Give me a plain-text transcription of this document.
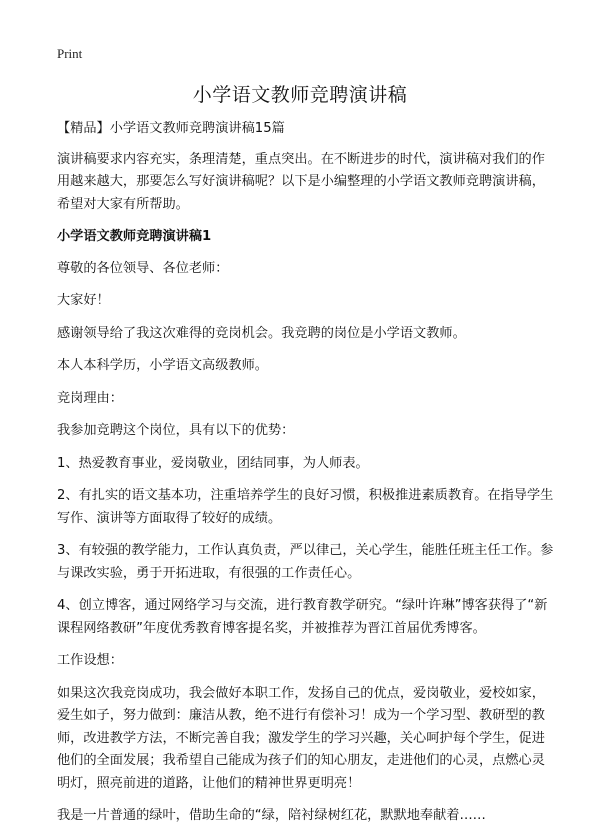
Print
小学语文教师竞聘演讲稿

【精品】小学语文教师竞聘演讲稿15篇

演讲稿要求内容充实，条理清楚，重点突出。在不断进步的时代，演讲稿对我们的作用越来越大，那要怎么写好演讲稿呢？以下是小编整理的小学语文教师竞聘演讲稿，希望对大家有所帮助。

小学语文教师竞聘演讲稿1

尊敬的各位领导、各位老师：

大家好！

感谢领导给了我这次难得的竞岗机会。我竞聘的岗位是小学语文教师。

本人本科学历，小学语文高级教师。

竞岗理由：

我参加竞聘这个岗位，具有以下的优势：

1、热爱教育事业，爱岗敬业，团结同事，为人师表。

2、有扎实的语文基本功，注重培养学生的良好习惯，积极推进素质教育。在指导学生写作、演讲等方面取得了较好的成绩。

3、有较强的教学能力，工作认真负责，严以律己，关心学生，能胜任班主任工作。参与课改实验，勇于开拓进取，有很强的工作责任心。

4、创立博客，通过网络学习与交流，进行教育教学研究。“绿叶许琳”博客获得了“新课程网络教研”年度优秀教育博客提名奖，并被推荐为晋江首届优秀博客。

工作设想：

如果这次我竞岗成功，我会做好本职工作，发扬自己的优点，爱岗敬业，爱校如家，爱生如子，努力做到：廉洁从教，绝不进行有偿补习！成为一个学习型、教研型的教师，改进教学方法，不断完善自我；激发学生的学习兴趣，关心呵护每个学生，促进他们的全面发展；我希望自己能成为孩子们的知心朋友，走进他们的心灵，点燃心灵明灯，照亮前进的道路，让他们的精神世界更明亮！

我是一片普通的绿叶，借助生命的“绿，陪衬绿树红花，默默地奉献着……
